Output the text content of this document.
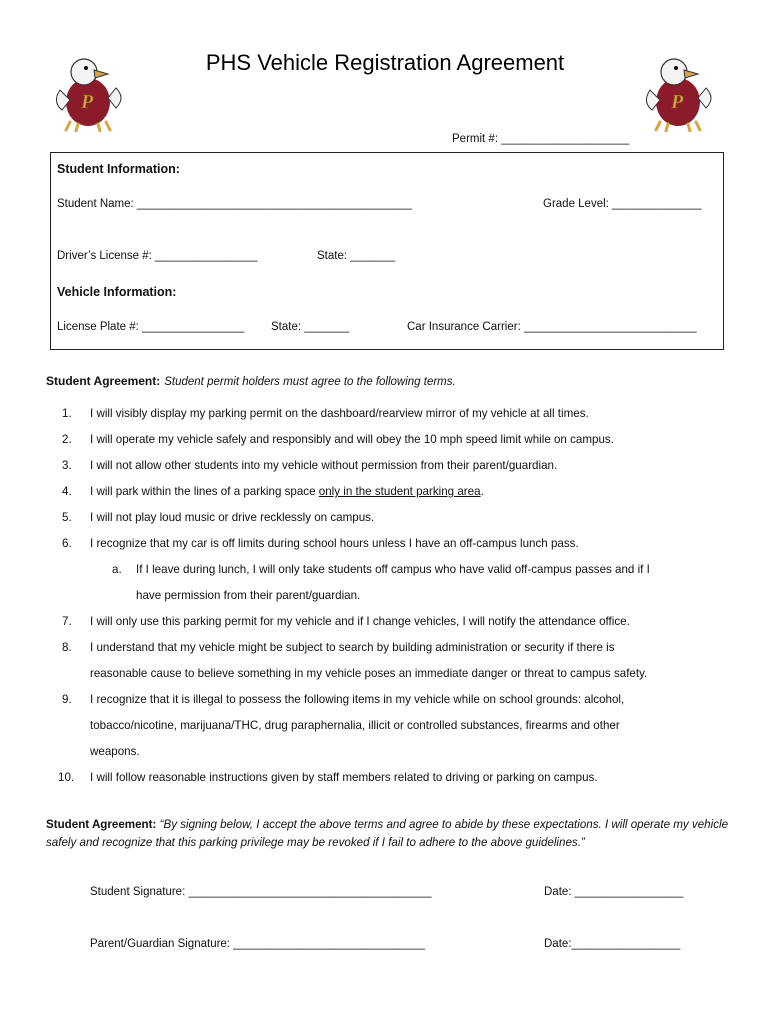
P	P
PHS Vehicle Registration Agreement
Permit #: ____________________
Student Information:
Student Name: ___________________________________________	Grade Level: ______________
Driver’s License #: ________________	State: _______
Vehicle Information:
License Plate #: ________________ State: _______	Car Insurance Carrier: ___________________________
Student Agreement: Student permit holders must agree to the following terms.
1. I will visibly display my parking permit on the dashboard/rearview mirror of my vehicle at all times.
2. I will operate my vehicle safely and responsibly and will obey the 10 mph speed limit while on campus.
3. I will not allow other students into my vehicle without permission from their parent/guardian.
4. I will park within the lines of a parking space only in the student parking area.
5. I will not play loud music or drive recklessly on campus.
6. I recognize that my car is off limits during school hours unless I have an off-campus lunch pass.
a. If I leave during lunch, I will only take students off campus who have valid off-campus passes and if I
have permission from their parent/guardian.
7. I will only use this parking permit for my vehicle and if I change vehicles, I will notify the attendance office.
8. I understand that my vehicle might be subject to search by building administration or security if there is
reasonable cause to believe something in my vehicle poses an immediate danger or threat to campus safety.
9. I recognize that it is illegal to possess the following items in my vehicle while on school grounds: alcohol,
tobacco/nicotine, marijuana/THC, drug paraphernalia, illicit or controlled substances, firearms and other
weapons.
10. I will follow reasonable instructions given by staff members related to driving or parking on campus.
Student Agreement: “By signing below, I accept the above terms and agree to abide by these expectations. I will operate my vehicle safely and recognize that this parking privilege may be revoked if I fail to adhere to the above guidelines.”
Student Signature: ______________________________________	Date: _________________
Parent/Guardian Signature: ______________________________	Date:_________________
